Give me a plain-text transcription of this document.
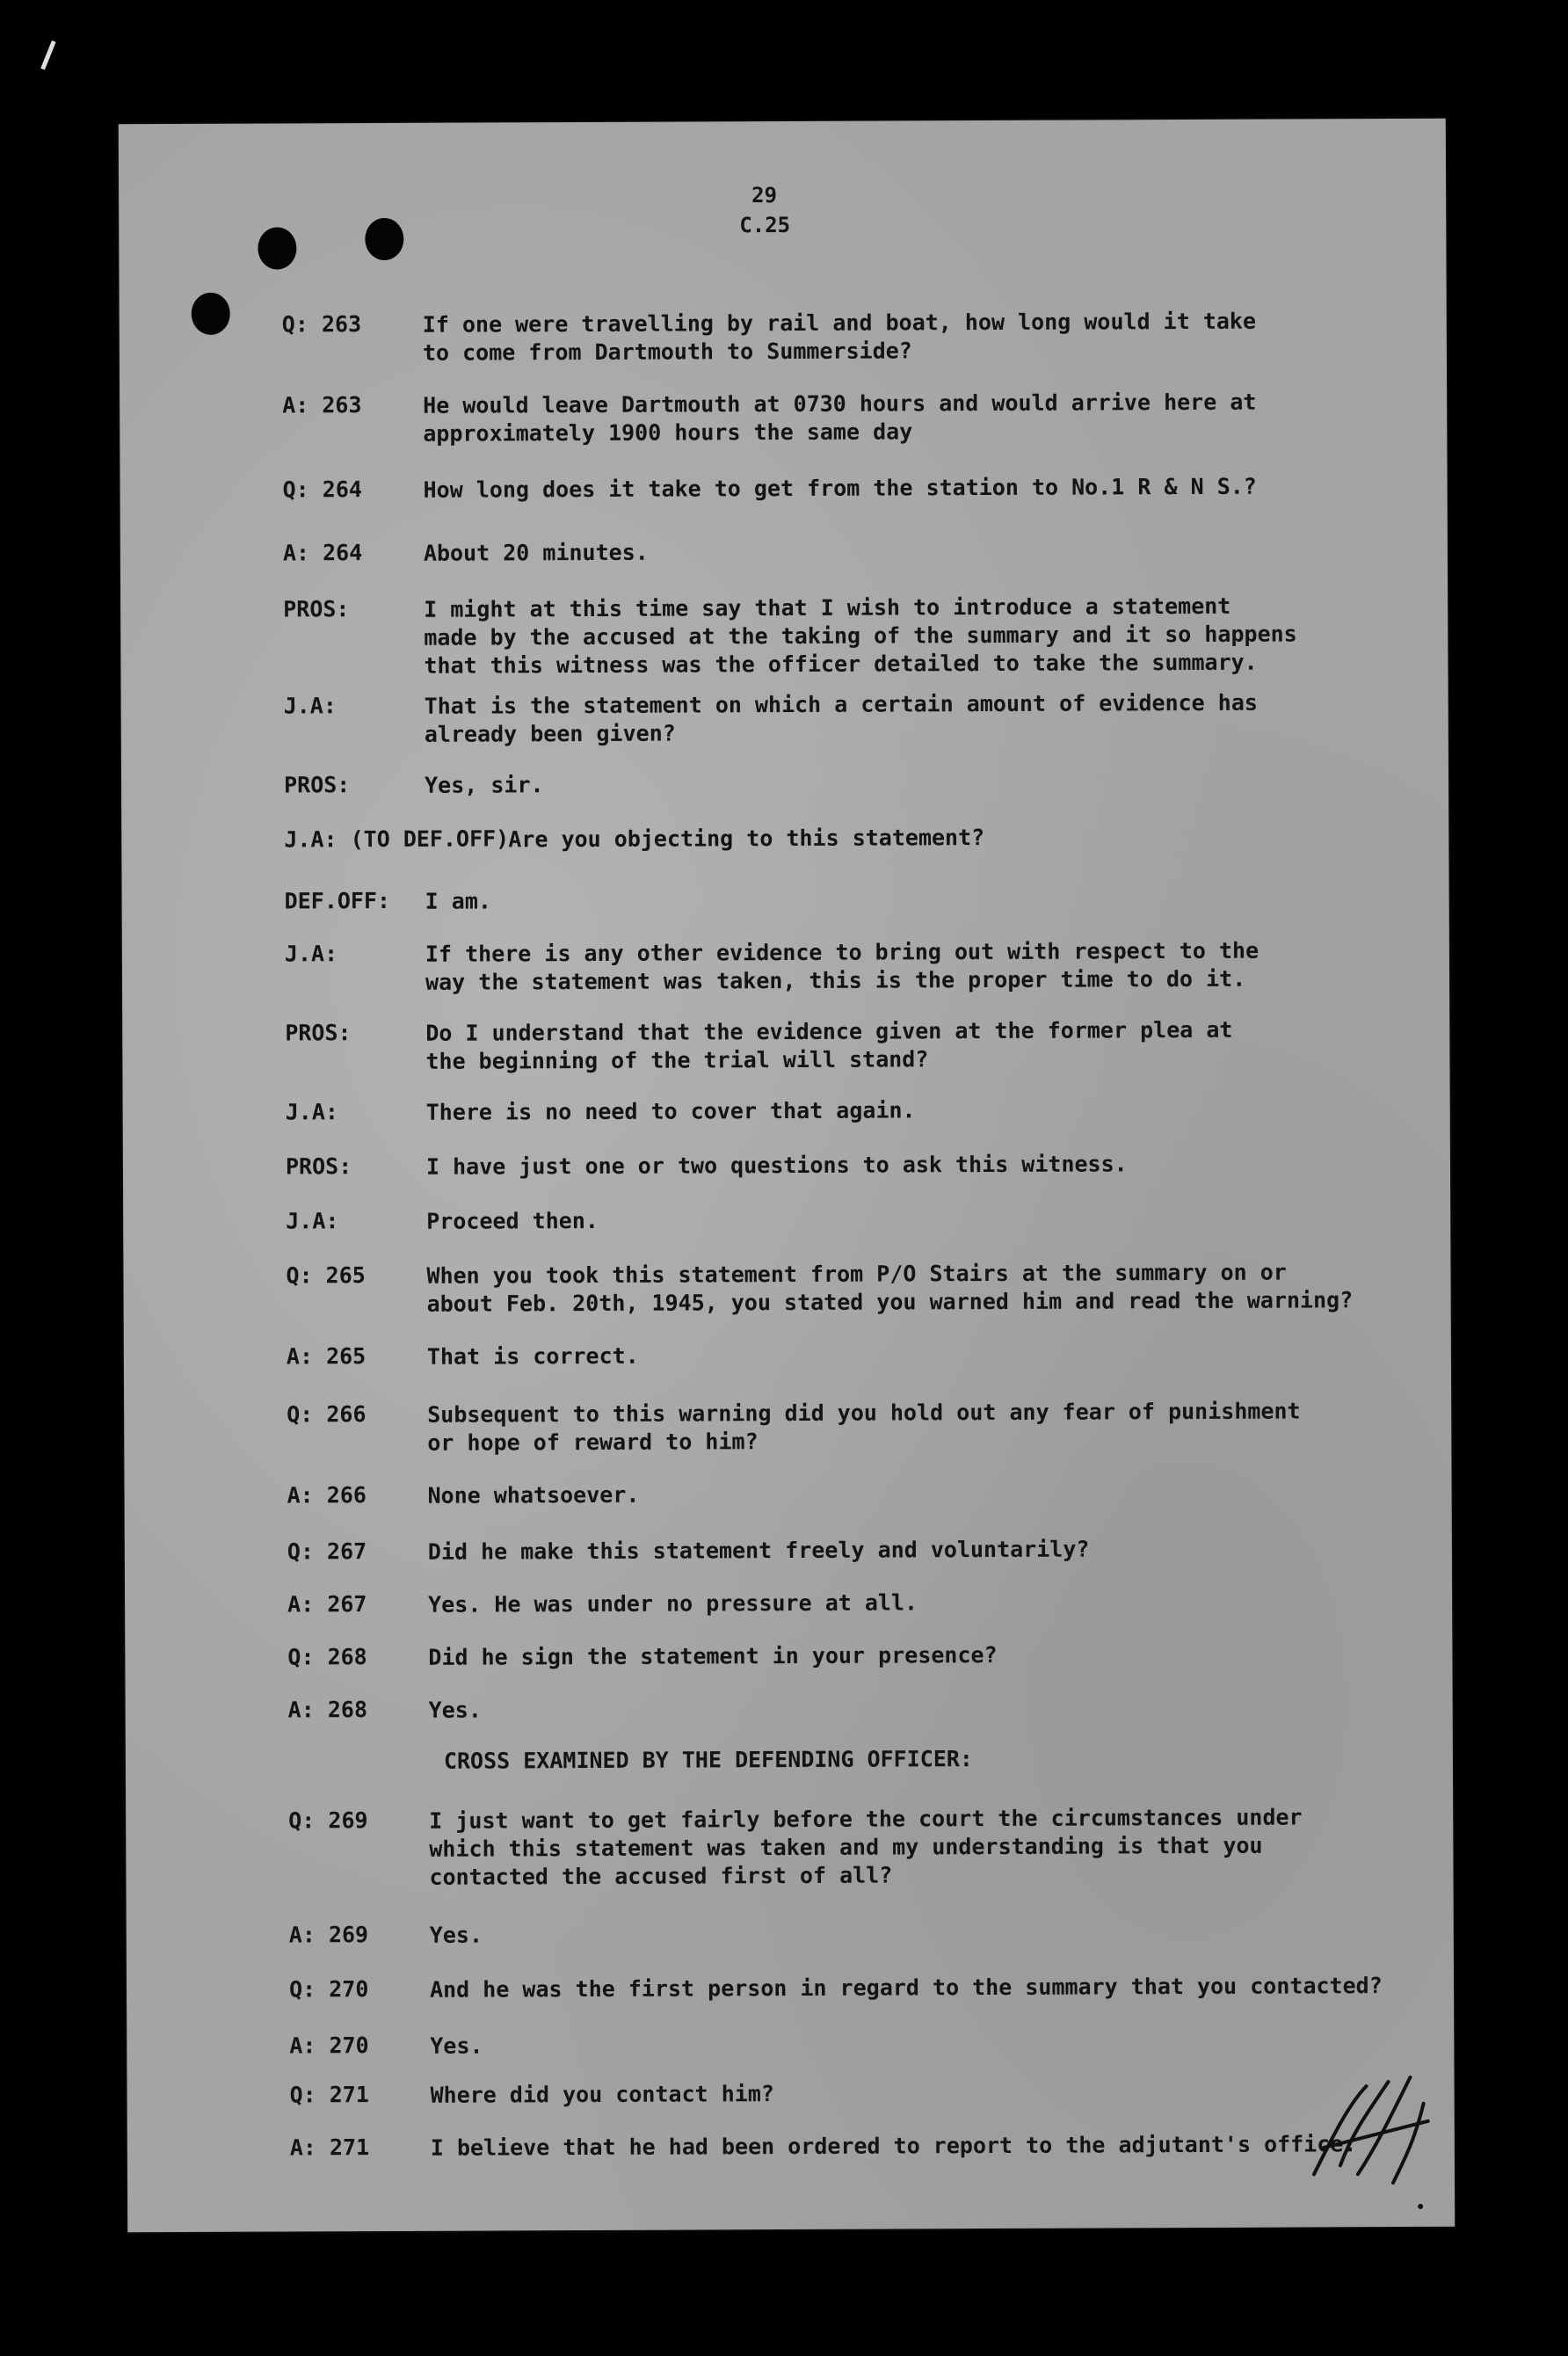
29
C.25
Q: 263	If one were travelling by rail and boat, how long would it take
to come from Dartmouth to Summerside?
A: 263	He would leave Dartmouth at 0730 hours and would arrive here at
approximately 1900 hours the same day
Q: 264	How long does it take to get from the station to No.1 R & N S.?
A: 264	About 20 minutes.
PROS:	I might at this time say that I wish to introduce a statement
made by the accused at the taking of the summary and it so happens
that this witness was the officer detailed to take the summary.
J.A:	That is the statement on which a certain amount of evidence has
already been given?
PROS:	Yes, sir.
J.A: (TO DEF.OFF) Are you objecting to this statement?
DEF.OFF:	I am.
J.A:	If there is any other evidence to bring out with respect to the
way the statement was taken, this is the proper time to do it.
PROS:	Do I understand that the evidence given at the former plea at
the beginning of the trial will stand?
J.A:	There is no need to cover that again.
PROS:	I have just one or two questions to ask this witness.
J.A:	Proceed then.
Q: 265	When you took this statement from P/O Stairs at the summary on or
about Feb. 20th, 1945, you stated you warned him and read the warning?
A: 265	That is correct.
Q: 266	Subsequent to this warning did you hold out any fear of punishment
or hope of reward to him?
A: 266	None whatsoever.
Q: 267	Did he make this statement freely and voluntarily?
A: 267	Yes. He was under no pressure at all.
Q: 268	Did he sign the statement in your presence?
A: 268	Yes.
CROSS EXAMINED BY THE DEFENDING OFFICER:
Q: 269	I just want to get fairly before the court the circumstances under
which this statement was taken and my understanding is that you
contacted the accused first of all?
A: 269	Yes.
Q: 270	And he was the first person in regard to the summary that you contacted?
A: 270	Yes.
Q: 271	Where did you contact him?
A: 271	I believe that he had been ordered to report to the adjutant's office.
